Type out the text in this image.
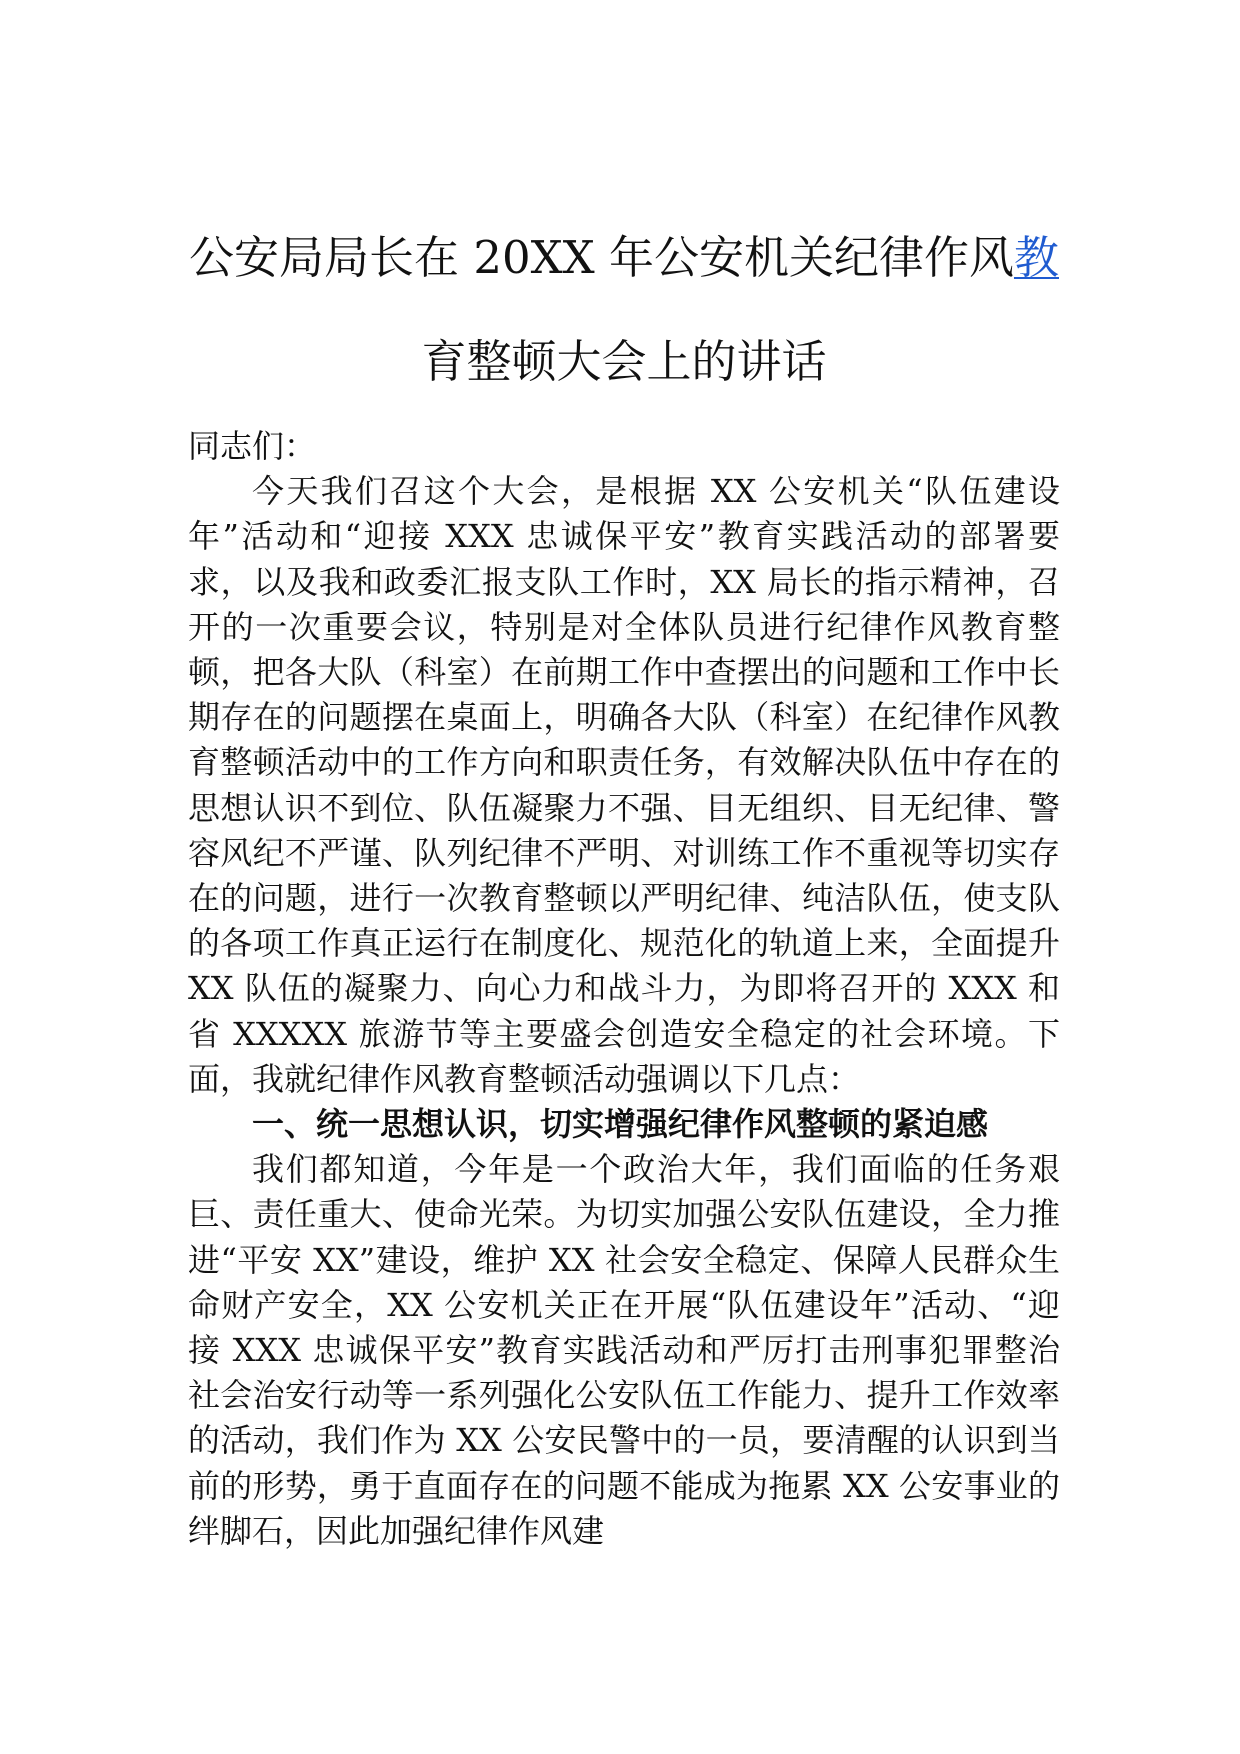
公安局局长在 20XX 年公安机关纪律作风教
育整顿大会上的讲话

同志们：

今天我们召这个大会，是根据 XX 公安机关“队伍建设年”活动和“迎接 XXX 忠诚保平安”教育实践活动的部署要求，以及我和政委汇报支队工作时，XX 局长的指示精神，召开的一次重要会议，特别是对全体队员进行纪律作风教育整顿，把各大队（科室）在前期工作中查摆出的问题和工作中长期存在的问题摆在桌面上，明确各大队（科室）在纪律作风教育整顿活动中的工作方向和职责任务，有效解决队伍中存在的思想认识不到位、队伍凝聚力不强、目无组织、目无纪律、警容风纪不严谨、队列纪律不严明、对训练工作不重视等切实存在的问题，进行一次教育整顿以严明纪律、纯洁队伍，使支队的各项工作真正运行在制度化、规范化的轨道上来，全面提升 XX 队伍的凝聚力、向心力和战斗力，为即将召开的 XXX 和省 XXXXX 旅游节等主要盛会创造安全稳定的社会环境。下面，我就纪律作风教育整顿活动强调以下几点：

一、统一思想认识，切实增强纪律作风整顿的紧迫感

我们都知道，今年是一个政治大年，我们面临的任务艰巨、责任重大、使命光荣。为切实加强公安队伍建设，全力推进“平安 XX”建设，维护 XX 社会安全稳定、保障人民群众生命财产安全，XX 公安机关正在开展“队伍建设年”活动、“迎接 XXX 忠诚保平安”教育实践活动和严厉打击刑事犯罪整治社会治安行动等一系列强化公安队伍工作能力、提升工作效率的活动，我们作为 XX 公安民警中的一员，要清醒的认识到当前的形势，勇于直面存在的问题不能成为拖累 XX 公安事业的绊脚石，因此加强纪律作风建
